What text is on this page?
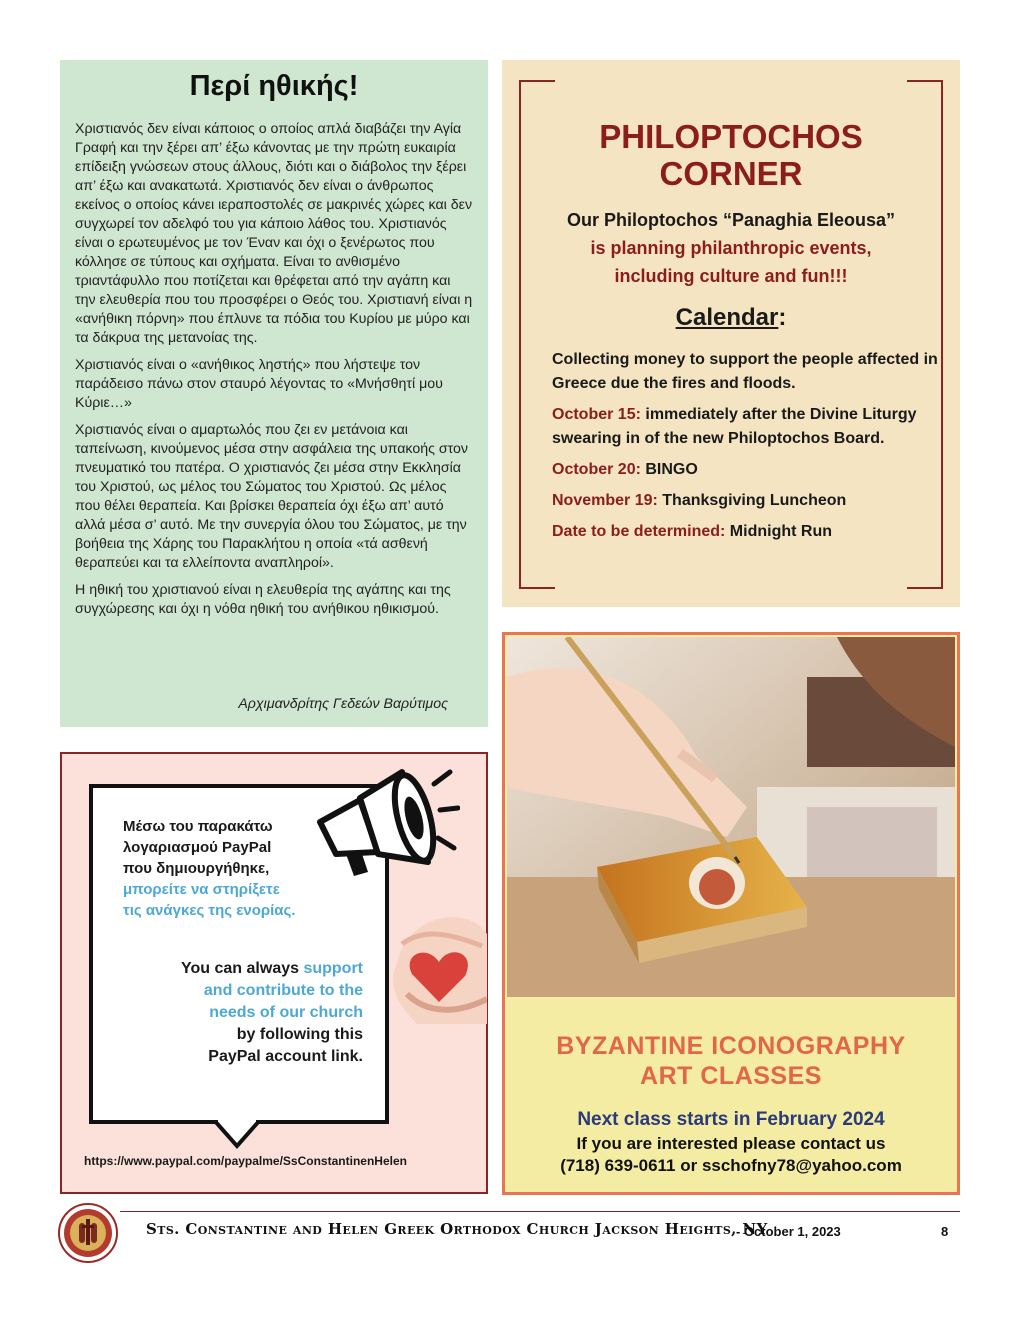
Περί ηθικής!

Χριστιανός δεν είναι κάποιος ο οποίος απλά διαβάζει την Αγία Γραφή και την ξέρει απ’ έξω κάνοντας με την πρώτη ευκαιρία επίδειξη γνώσεων στους άλλους, διότι και ο διάβολος την ξέρει απ’ έξω και ανακατωτά. Χριστιανός δεν είναι ο άνθρωπος εκείνος ο οποίος κάνει ιεραποστολές σε μακρινές χώρες και δεν συγχωρεί τον αδελφό του για κάποιο λάθος του. Χριστιανός είναι ο ερωτευμένος με τον Έναν και όχι ο ξενέρωτος που κόλλησε σε τύπους και σχήματα. Είναι το ανθισμένο τριαντάφυλλο που ποτίζεται και θρέφεται από την αγάπη και την ελευθερία που του προσφέρει ο Θεός του. Χριστιανή είναι η «ανήθικη πόρνη» που έπλυνε τα πόδια του Κυρίου με μύρο και τα δάκρυα της μετανοίας της.

Χριστιανός είναι ο «ανήθικος ληστής» που λήστεψε τον παράδεισο πάνω στον σταυρό λέγοντας το «Μνήσθητί μου Κύριε…»

Χριστιανός είναι ο αμαρτωλός που ζει εν μετάνοια και ταπείνωση, κινούμενος μέσα στην ασφάλεια της υπακοής στον πνευματικό του πατέρα. Ο χριστιανός ζει μέσα στην Εκκλησία του Χριστού, ως μέλος του Σώματος του Χριστού. Ως μέλος που θέλει θεραπεία. Και βρίσκει θεραπεία όχι έξω απ’ αυτό αλλά μέσα σ’ αυτό. Με την συνεργία όλου του Σώματος, με την βοήθεια της Χάρης του Παρακλήτου η οποία «τά ασθενή θεραπεύει και τα ελλείποντα αναπληροί».

Η ηθική του χριστιανού είναι η ελευθερία της αγάπης και της συγχώρεσης και όχι η νόθα ηθική του ανήθικου ηθικισμού.

Αρχιμανδρίτης Γεδεών Βαρύτιμος
PHILOPTOCHOS
CORNER
Our Philoptochos “Panaghia Eleousa”
is planning philanthropic events,
including culture and fun!!!
Calendar:
Collecting money to support the people affected in Greece due the fires and floods.
October 15: immediately after the Divine Liturgy swearing in of the new Philoptochos Board.
October 20: BINGO
November 19: Thanksgiving Luncheon
Date to be determined: Midnight Run
Μέσω του παρακάτω
λογαριασμού PayPal
που δημιουργήθηκε,
μπορείτε να στηρίξετε
τις ανάγκες της ενορίας.
You can always support
and contribute to the
needs of our church
by following this
PayPal account link.
https://www.paypal.com/paypalme/SsConstantinenHelen
BYZANTINE ICONOGRAPHY
ART CLASSES
Next class starts in February 2024
If you are interested please contact us
(718) 639-0611 or sschofny78@yahoo.com
Sts. Constantine and Helen Greek Orthodox Church Jackson Heights, NY
- October 1, 2023	8
